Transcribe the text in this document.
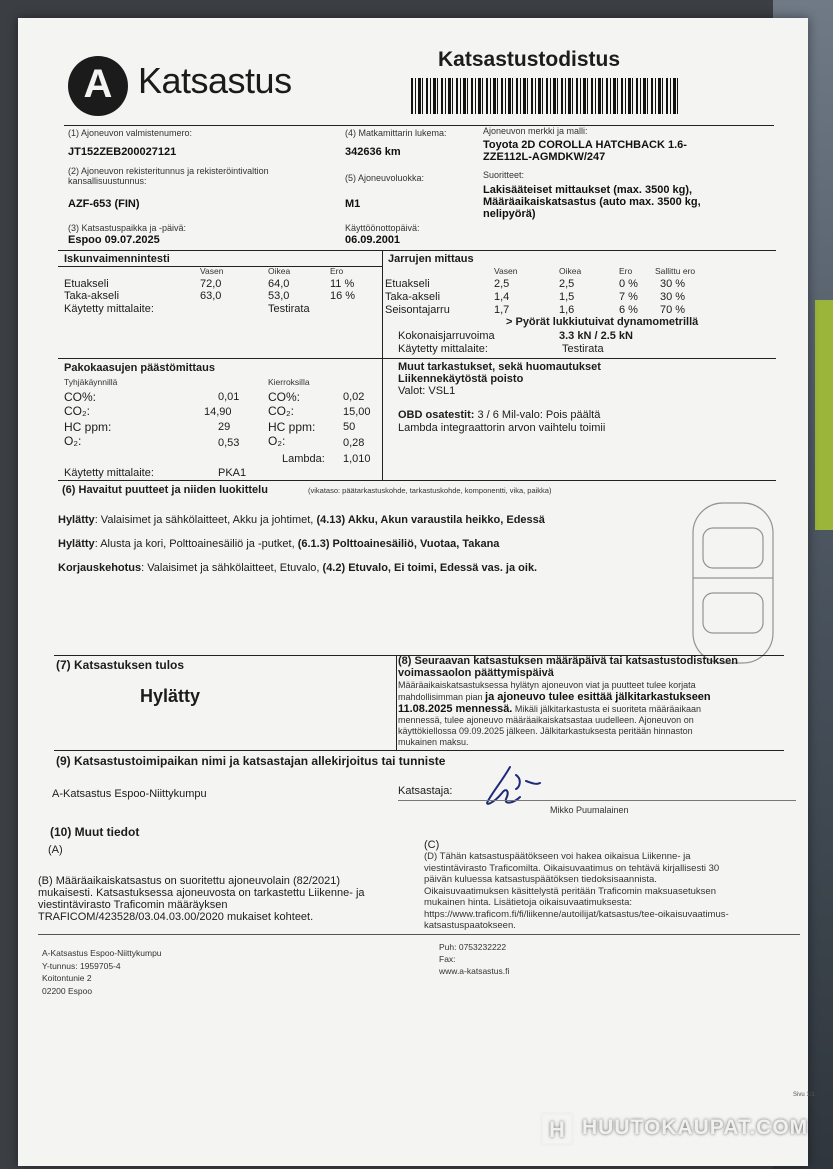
A Katsastus
Katsastustodistus
(1) Ajoneuvon valmistenumero:
JT152ZEB200027121
(2) Ajoneuvon rekisteritunnus ja rekisteröintivaltion
kansallisuustunnus:
AZF-653 (FIN)
(3) Katsastuspaikka ja -päivä:
Espoo 09.07.2025
(4) Matkamittarin lukema:
342636 km
(5) Ajoneuvoluokka:
M1
Käyttöönottopäivä:
06.09.2001
Ajoneuvon merkki ja malli:
Toyota 2D COROLLA HATCHBACK 1.6-
ZZE112L-AGMDKW/247
Suoritteet:
Lakisääteiset mittaukset (max. 3500 kg),
Määräaikaiskatsastus (auto max. 3500 kg,
nelipyörä)
Iskunvaimennintesti
Vasen	Oikea	Ero
Etuakseli	72,0	64,0	11 %
Taka-akseli	63,0	53,0	16 %
Käytetty mittalaite:	Testirata
Jarrujen mittaus
Vasen	Oikea	Ero	Sallittu ero
Etuakseli	2,5	2,5	0 % 30 %
Taka-akseli	1,4	1,5	7 % 30 %
Seisontajarru	1,7	1,6	6 % 70 %
> Pyörät lukkiutuivat dynamometrillä
Kokonaisjarruvoima	3.3 kN / 2.5 kN
Käytetty mittalaite:	Testirata
Pakokaasujen päästömittaus
Tyhjäkäynnillä	Kierroksilla
CO%:	0,01 CO%:	0,02
CO₂:	14,90	CO₂:	15,00
HC ppm:	29	HC ppm:	50
O₂:	0,53 O₂:	0,28
Lambda: 1,010
Käytetty mittalaite:	PKA1
Muut tarkastukset, sekä huomautukset
Liikennekäytöstä poisto
Valot: VSL1
OBD osatestit: 3 / 6 Mil-valo: Pois päältä
Lambda integraattorin arvon vaihtelu toimii
(6) Havaitut puutteet ja niiden luokittelu	(vikataso: päätarkastuskohde, tarkastuskohde, komponentti, vika, paikka)
Hylätty: Valaisimet ja sähkölaitteet, Akku ja johtimet, (4.13) Akku, Akun varaustila heikko, Edessä
Hylätty: Alusta ja kori, Polttoainesäiliö ja -putket, (6.1.3) Polttoainesäiliö, Vuotaa, Takana
Korjauskehotus: Valaisimet ja sähkölaitteet, Etuvalo, (4.2) Etuvalo, Ei toimi, Edessä vas. ja oik.
(7) Katsastuksen tulos
Hylätty
(8) Seuraavan katsastuksen määräpäivä tai katsastustodistuksen
voimassaolon päättymispäivä
Määräaikaiskatsastuksessa hylätyn ajoneuvon viat ja puutteet tulee korjata
mahdollisimman pian ja ajoneuvo tulee esittää jälkitarkastukseen
11.08.2025 mennessä. Mikäli jälkitarkastusta ei suoriteta määräaikaan
mennessä, tulee ajoneuvo määräaikaiskatsastaa uudelleen. Ajoneuvon on
käyttökiellossa 09.09.2025 jälkeen. Jälkitarkastuksesta peritään hinnaston
mukainen maksu.
(9) Katsastustoimipaikan nimi ja katsastajan allekirjoitus tai tunniste
A-Katsastus Espoo-Niittykumpu	Katsastaja:
Mikko Puumalainen
(10) Muut tiedot
(A)
(B) Määräaikaiskatsastus on suoritettu ajoneuvolain (82/2021)
mukaisesti. Katsastuksessa ajoneuvosta on tarkastettu Liikenne- ja
viestintävirasto Traficomin määräyksen
TRAFICOM/423528/03.04.03.00/2020 mukaiset kohteet.
(C)
(D) Tähän katsastuspäätökseen voi hakea oikaisua Liikenne- ja
viestintävirasto Traficomilta. Oikaisuvaatimus on tehtävä kirjallisesti 30
päivän kuluessa katsastuspäätöksen tiedoksisaannista.
Oikaisuvaatimuksen käsittelystä peritään Traficomin maksuasetuksen
mukainen hinta. Lisätietoja oikaisuvaatimuksesta:
https://www.traficom.fi/fi/liikenne/autoilijat/katsastus/tee-oikaisuvaatimus-
katsastuspaatokseen.
A-Katsastus Espoo-Niittykumpu
Y-tunnus: 1959705-4
Koitontunie 2
02200 Espoo
Puh: 0753232222
Fax:
www.a-katsastus.fi
Sivu 1/1
H
HUUTOKAUPAT.COM
